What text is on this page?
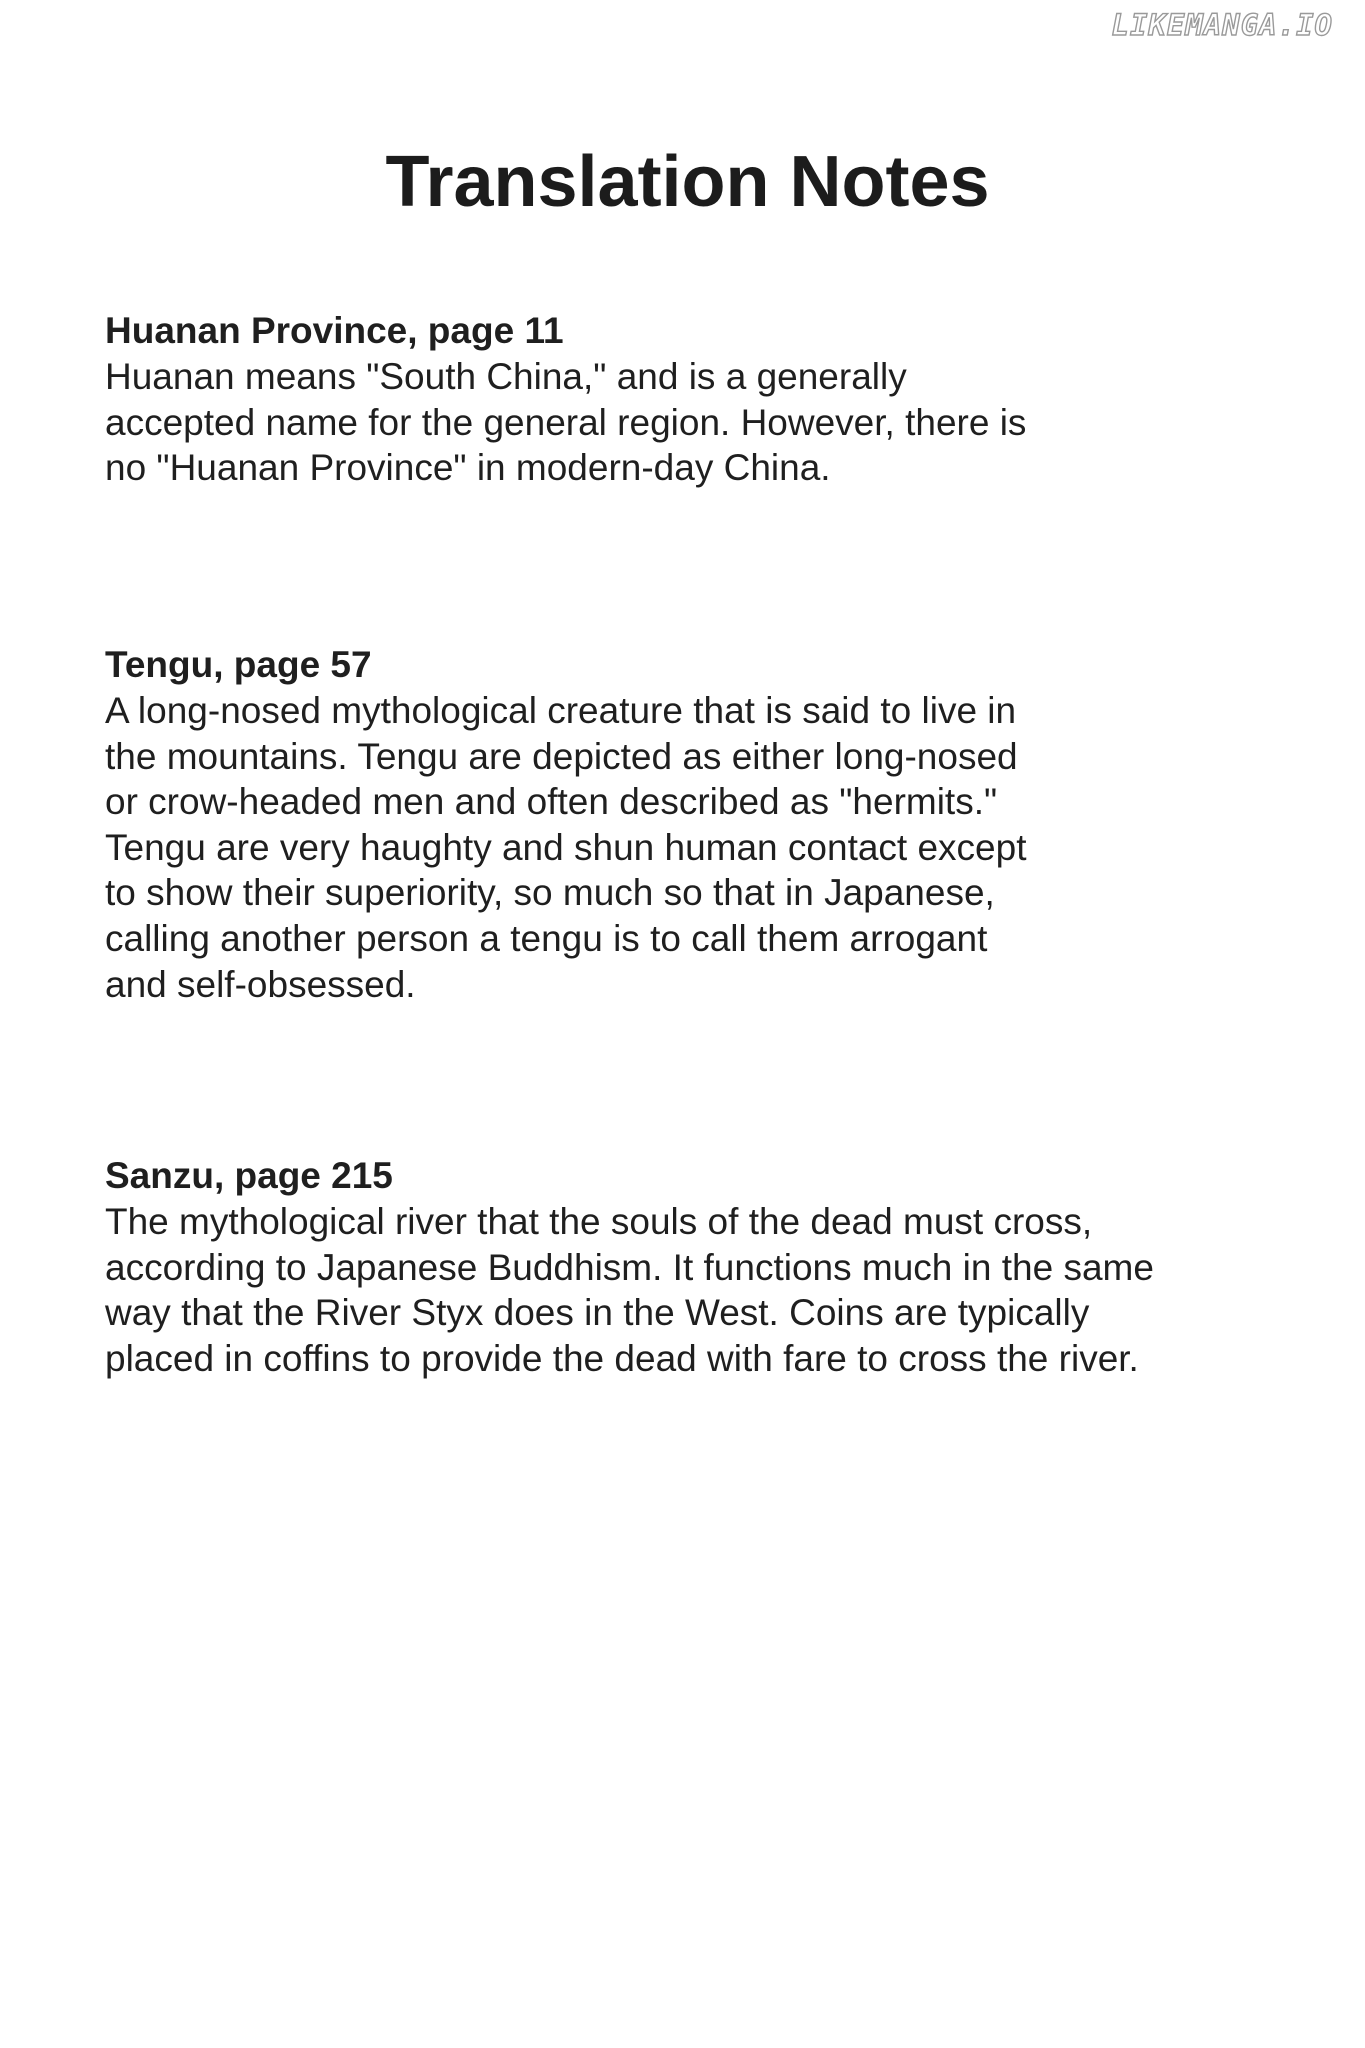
LIKEMANGA.IO
Translation Notes
Huanan Province, page 11

Huanan means "South China," and is a generally
accepted name for the general region. However, there is
no "Huanan Province" in modern-day China.

Tengu, page 57

A long-nosed mythological creature that is said to live in
the mountains. Tengu are depicted as either long-nosed
or crow-headed men and often described as "hermits."
Tengu are very haughty and shun human contact except
to show their superiority, so much so that in Japanese,
calling another person a tengu is to call them arrogant
and self-obsessed.

Sanzu, page 215

The mythological river that the souls of the dead must cross,
according to Japanese Buddhism. It functions much in the same
way that the River Styx does in the West. Coins are typically
placed in coffins to provide the dead with fare to cross the river.
